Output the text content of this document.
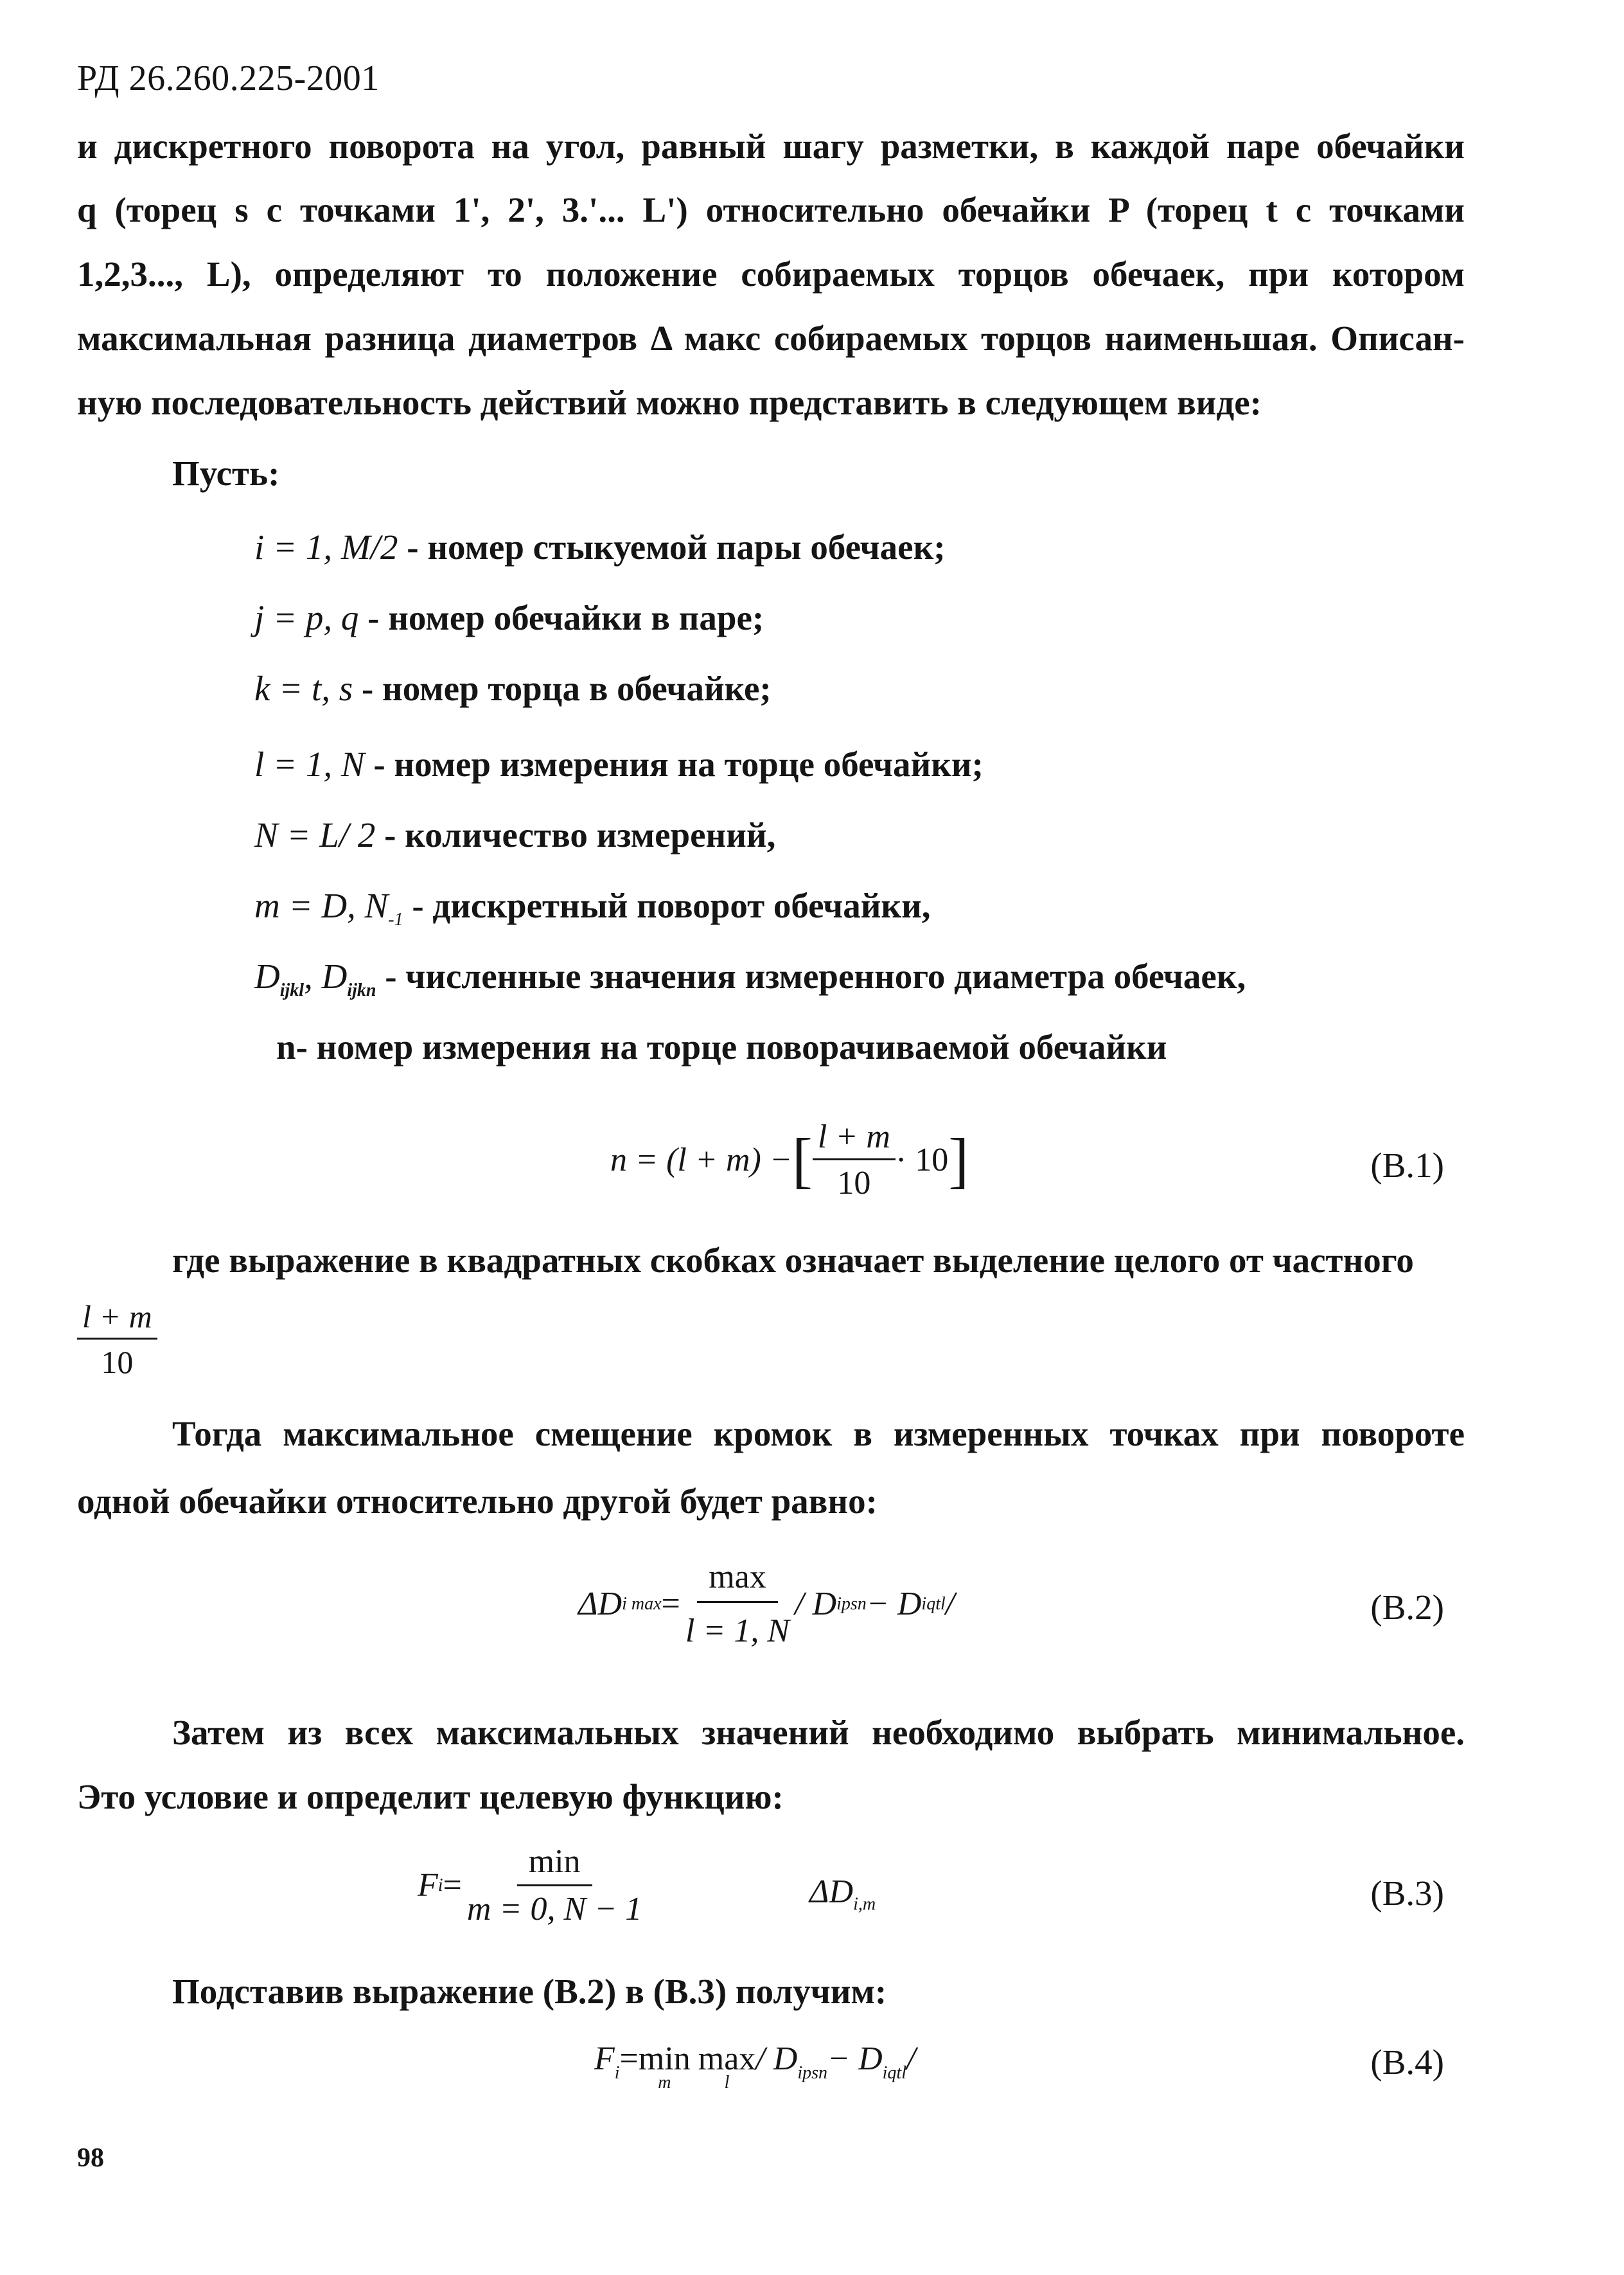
РД 26.260.225-2001
и дискретного поворота на угол, равный шагу разметки, в каждой паре обечайки
q (торец s с точками 1', 2', 3.'... L') относительно обечайки P (торец t с точками
1,2,3..., L), определяют то положение собираемых торцов обечаек, при котором
максимальная разница диаметров Δ макс собираемых торцов наименьшая. Описан-
ную последовательность действий можно представить в следующем виде:
Пусть:
i = 1, M/2 - номер стыкуемой пары обечаек;
j = p, q - номер обечайки в паре;
k = t, s - номер торца в обечайке;
l = 1, N - номер измерения на торце обечайки;
N = L/ 2 - количество измерений,
m = D, $N_{-1}$ - дискретный поворот обечайки,
$D_{ijkl}$, $D_{ijkn}$ - численные значения измеренного диаметра обечаек,
n- номер измерения на торце поворачиваемой обечайки
n = (l + m) − [ $\frac{l + m}{10} \cdot 10$ ]	(В.1)
где выражение в квадратных скобках означает выделение целого от частного
$\frac{l + m}{10}$
Тогда максимальное смещение кромок в измеренных точках при повороте
одной обечайки относительно другой будет равно:
ΔD i $\max = \frac{\max}{l = 1, N} / D$ ipsn − D iqtl /	(В.2)
Затем из всех максимальных значений необходимо выбрать минимальное.
Это условие и определит целевую функцию:
F $i = \frac{\min}{m = 0, N - 1}$	$\Delta D_{i,m}$	(В.3)
Подставив выражение (В.2) в (В.3) получим:
$F_i = \min$
m
max
l
/ $D_{ipsn} - D_{iqtl}$ /	(В.4)
98
